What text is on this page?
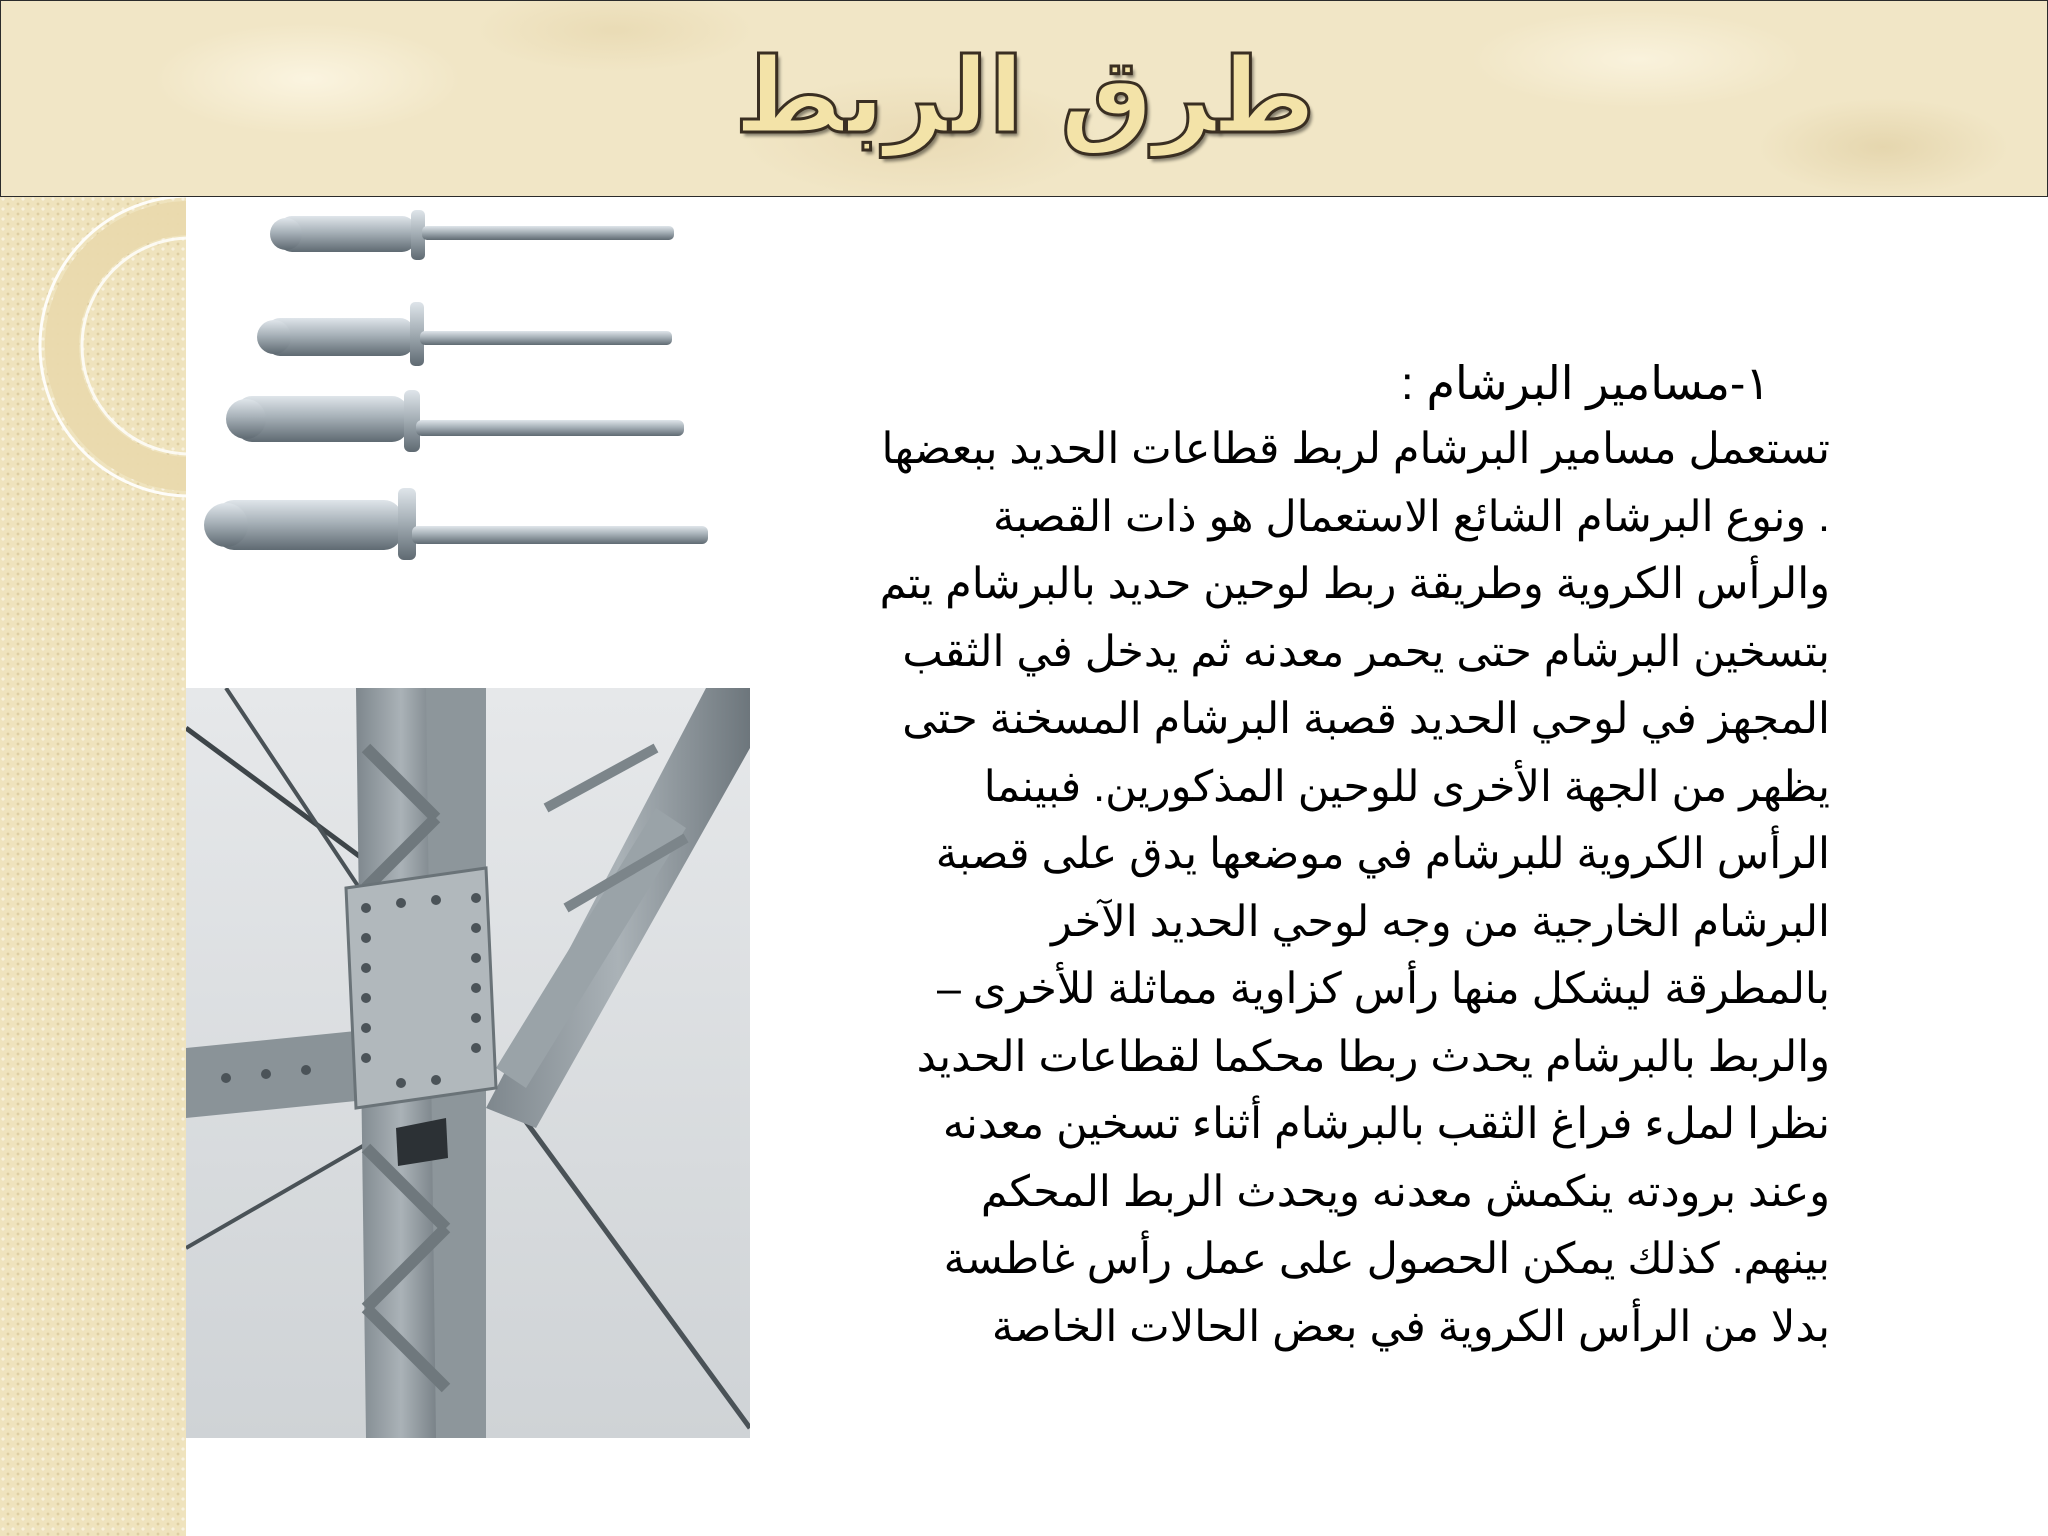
طرق الربط

١-مسامير البرشام :

تستعمل مسامير البرشام لربط قطاعات الحديد ببعضها

. ونوع البرشام الشائع الاستعمال هو ذات القصبة

والرأس الكروية وطريقة ربط لوحين حديد بالبرشام يتم

بتسخين البرشام حتى يحمر معدنه ثم يدخل في الثقب

المجهز في لوحي الحديد قصبة البرشام المسخنة حتى

يظهر من الجهة الأخرى للوحين المذكورين. فبينما

الرأس الكروية للبرشام في موضعها يدق على قصبة

البرشام الخارجية من وجه لوحي الحديد الآخر

بالمطرقة ليشكل منها رأس كزاوية مماثلة للأخرى –

والربط بالبرشام يحدث ربطا محكما لقطاعات الحديد

نظرا لملء فراغ الثقب بالبرشام أثناء تسخين معدنه

وعند برودته ينكمش معدنه ويحدث الربط المحكم

بينهم. كذلك يمكن الحصول على عمل رأس غاطسة

بدلا من الرأس الكروية في بعض الحالات الخاصة
